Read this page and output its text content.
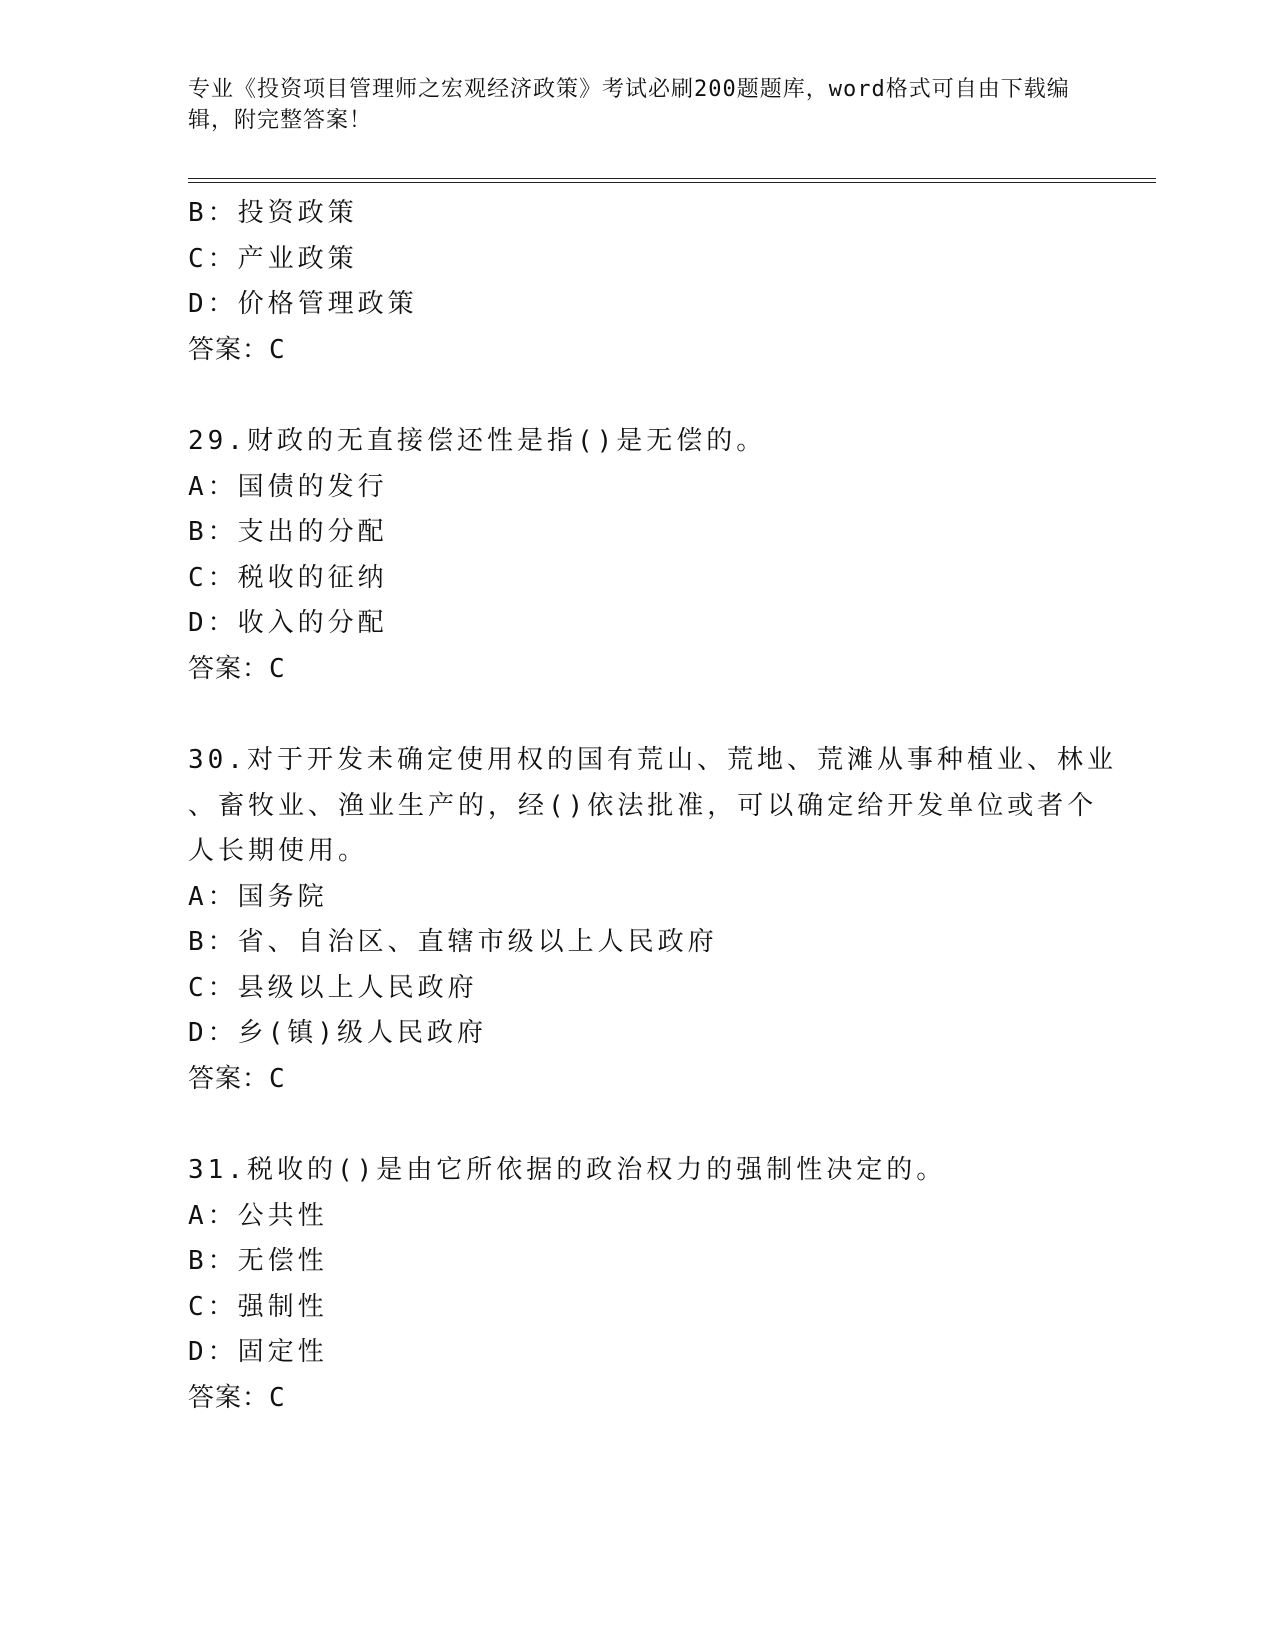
专业《投资项目管理师之宏观经济政策》考试必刷200题题库，word格式可自由下载编辑，附完整答案！
B：投资政策
C：产业政策
D：价格管理政策
答案：C
29.财政的无直接偿还性是指()是无偿的。
A：国债的发行
B：支出的分配
C：税收的征纳
D：收入的分配
答案：C
30.对于开发未确定使用权的国有荒山、荒地、荒滩从事种植业、林业
、畜牧业、渔业生产的，经()依法批准，可以确定给开发单位或者个
人长期使用。
A：国务院
B：省、自治区、直辖市级以上人民政府
C：县级以上人民政府
D：乡(镇)级人民政府
答案：C
31.税收的()是由它所依据的政治权力的强制性决定的。
A：公共性
B：无偿性
C：强制性
D：固定性
答案：C
